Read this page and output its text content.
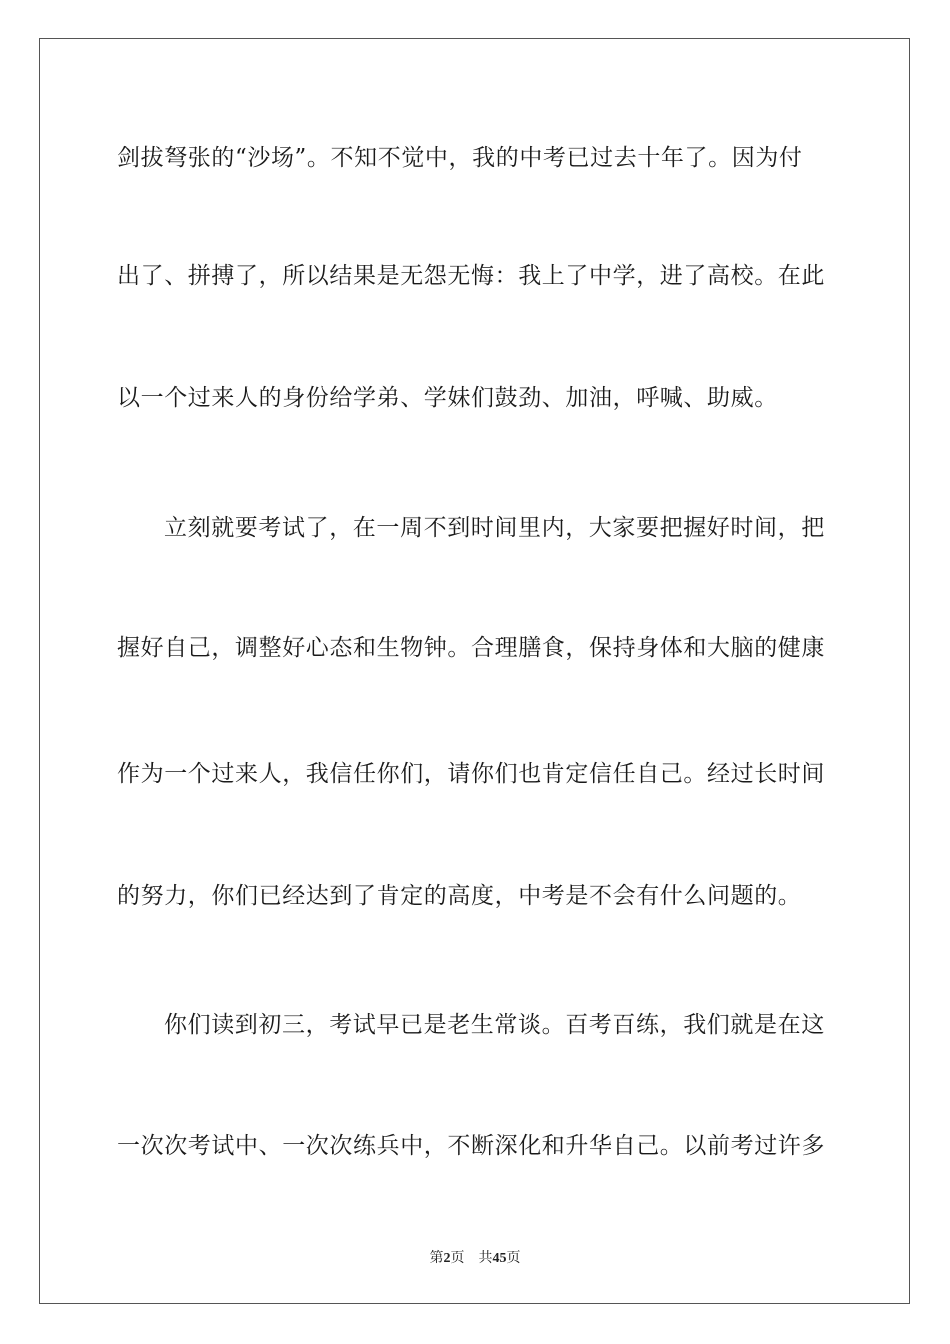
剑拔弩张的“沙场”。不知不觉中，我的中考已过去十年了。因为付
出了、拼搏了，所以结果是无怨无悔：我上了中学，进了高校。在此
以一个过来人的身份给学弟、学妹们鼓劲、加油，呼喊、助威。
立刻就要考试了，在一周不到时间里内，大家要把握好时间，把
握好自己，调整好心态和生物钟。合理膳食，保持身体和大脑的健康
作为一个过来人，我信任你们，请你们也肯定信任自己。经过长时间
的努力，你们已经达到了肯定的高度，中考是不会有什么问题的。
你们读到初三，考试早已是老生常谈。百考百练，我们就是在这
一次次考试中、一次次练兵中，不断深化和升华自己。以前考过许多
第2页 共45页
